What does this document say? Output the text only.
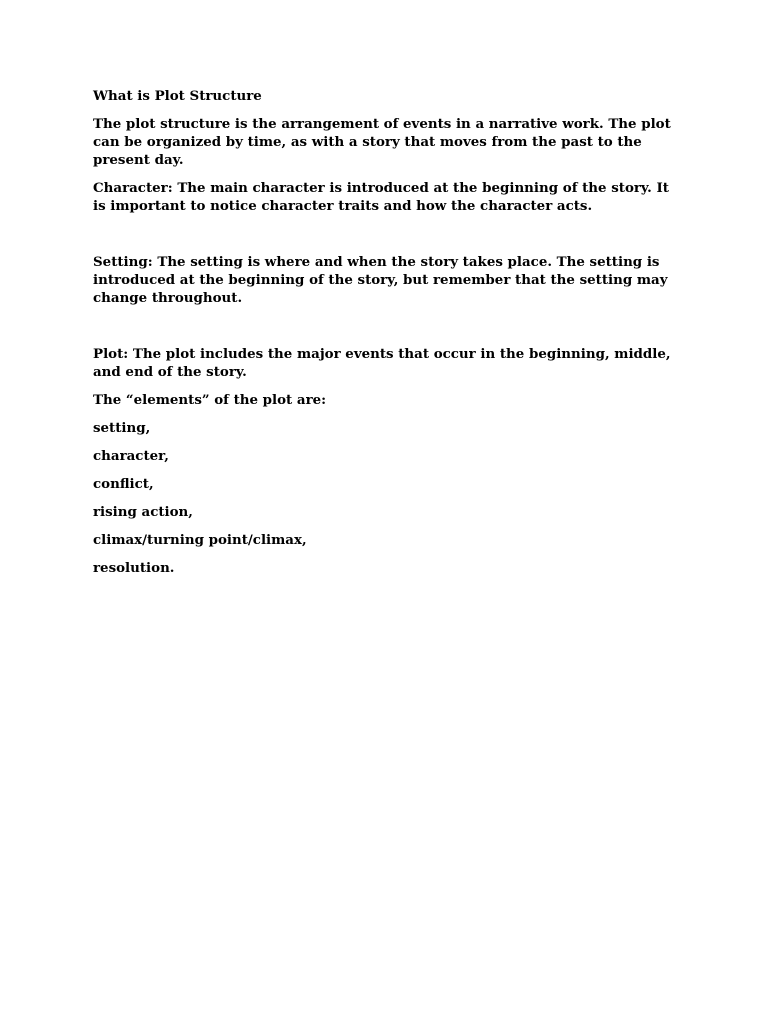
What is Plot Structure

The plot structure is the arrangement of events in a narrative work. The plot can be organized by time, as with a story that moves from the past to the present day.

Character: The main character is introduced at the beginning of the story. It is important to notice character traits and how the character acts.

Setting: The setting is where and when the story takes place. The setting is introduced at the beginning of the story, but remember that the setting may change throughout.

Plot: The plot includes the major events that occur in the beginning, middle, and end of the story.

The “elements” of the plot are:

setting,

character,

conflict,

rising action,

climax/turning point/climax,

resolution.
